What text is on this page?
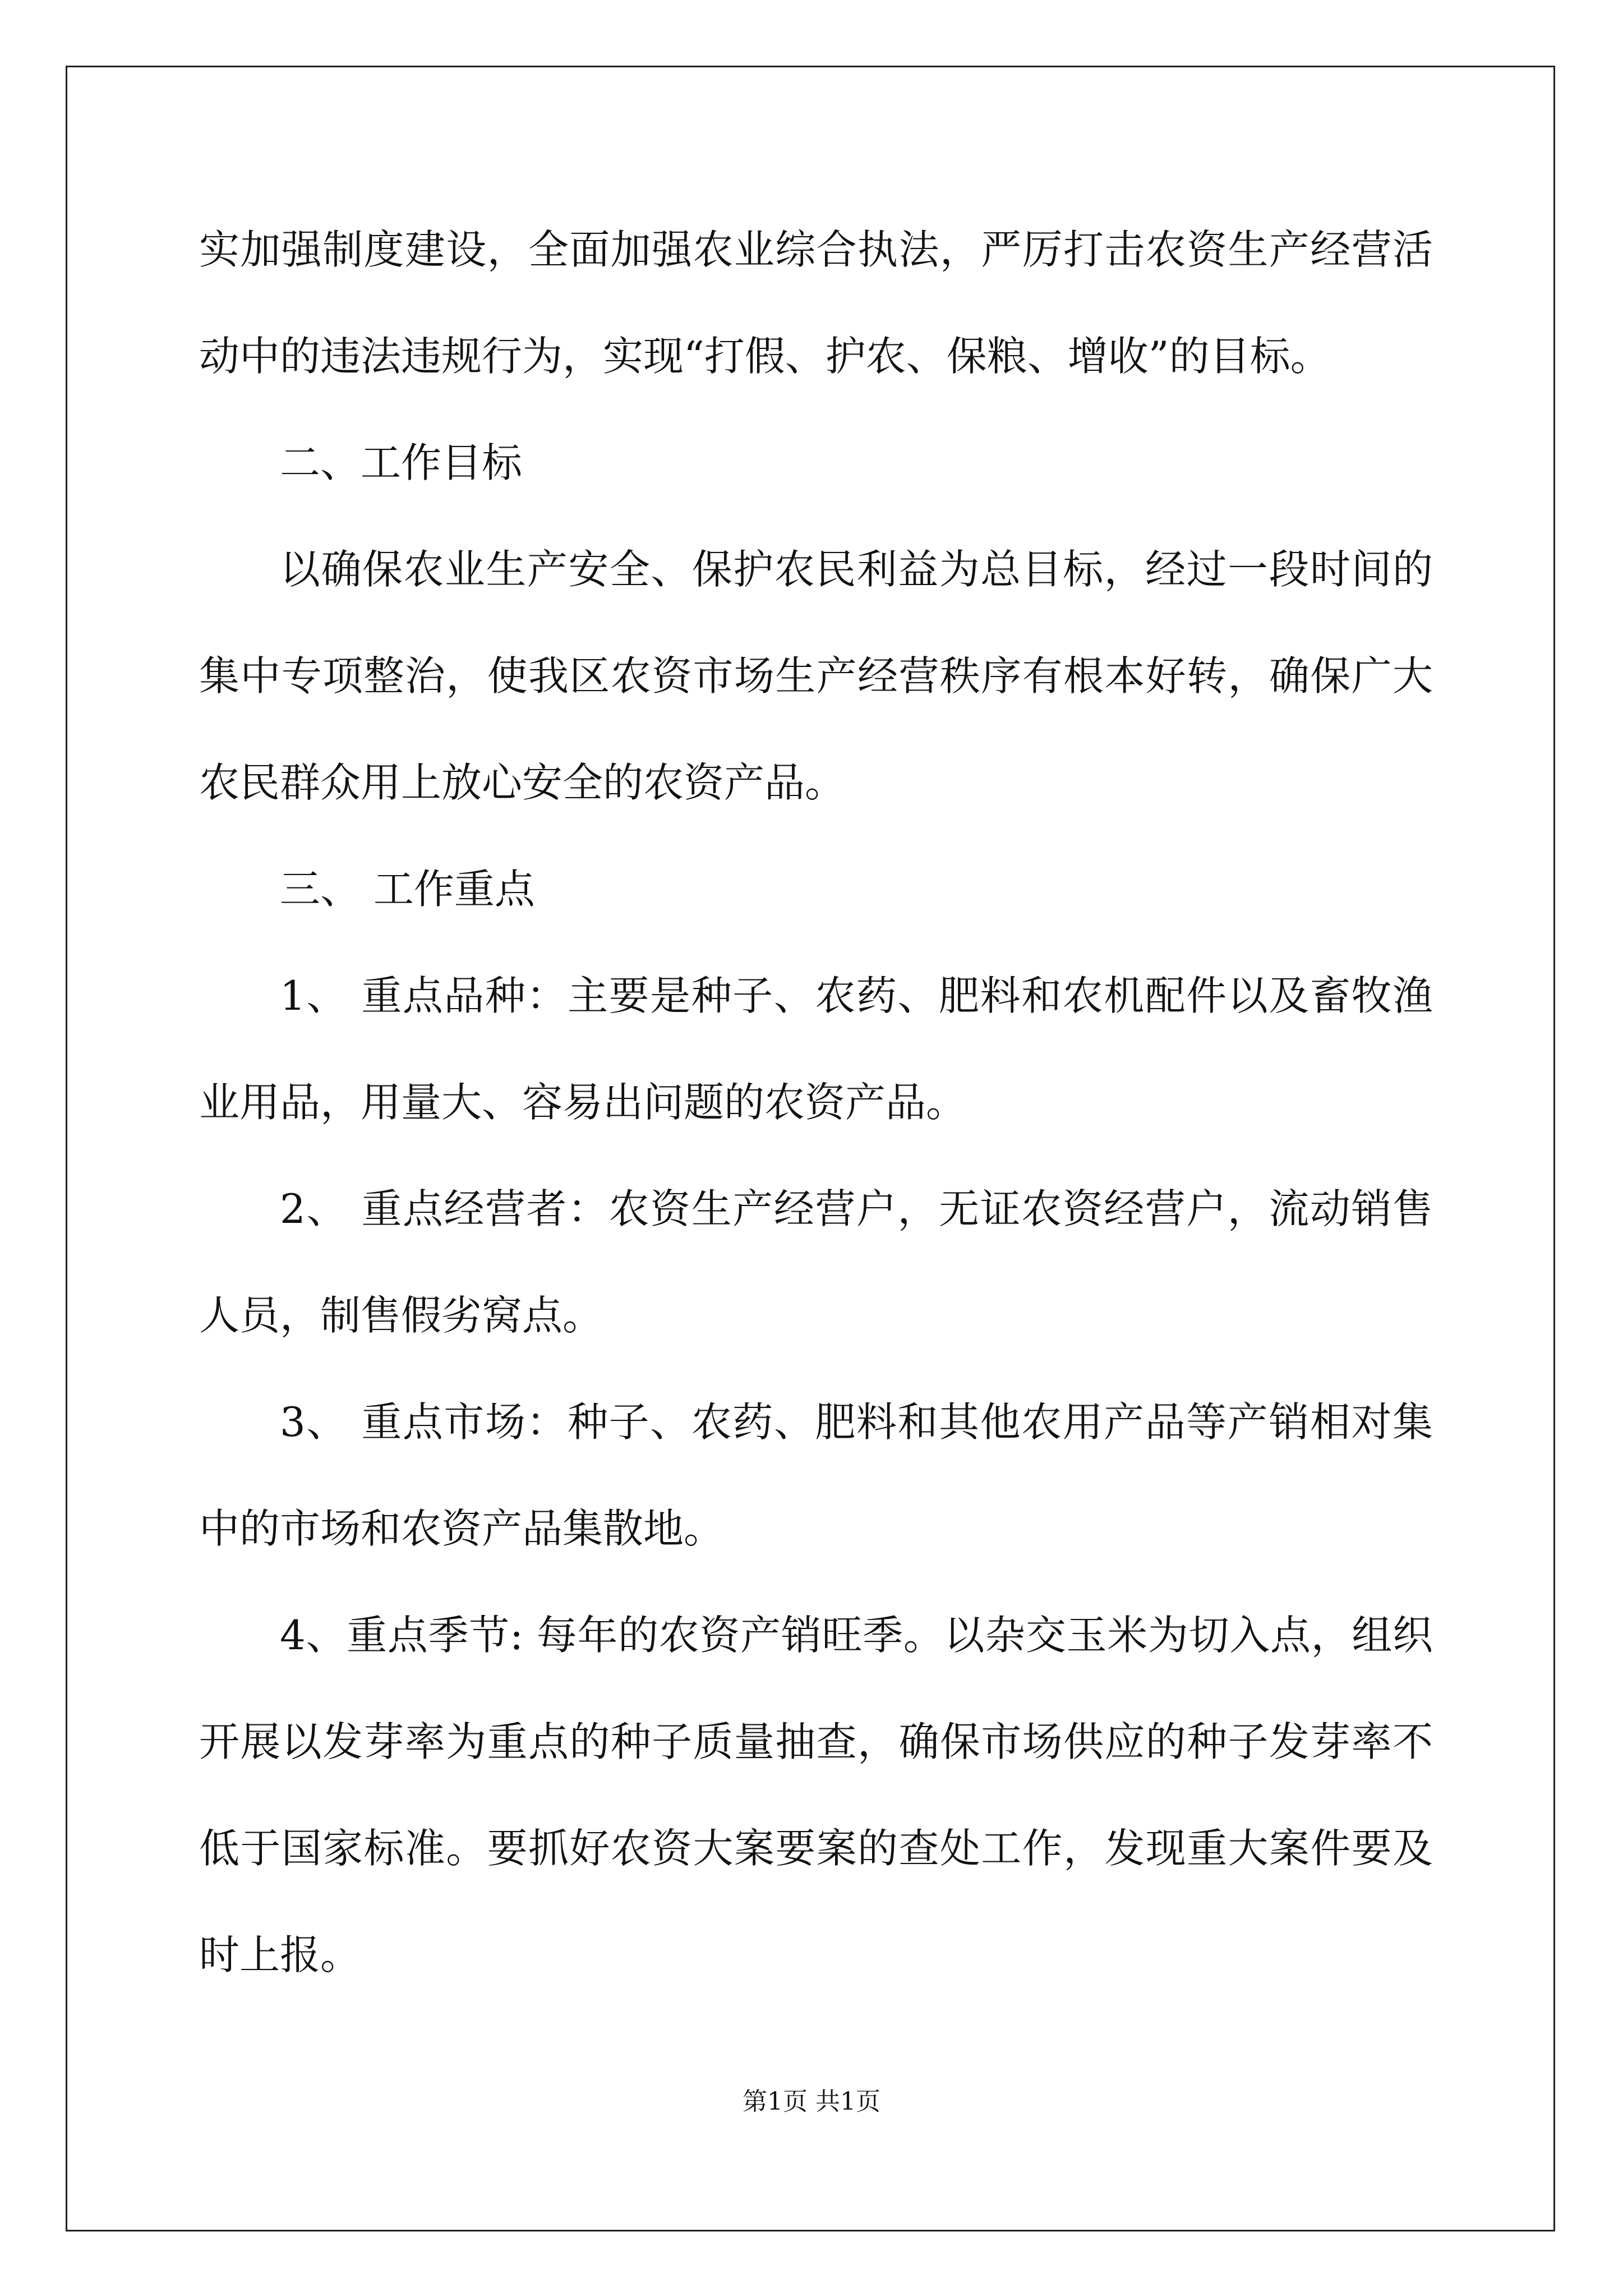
实加强制度建设，全面加强农业综合执法，严厉打击农资生产经营活
动中的违法违规行为，实现“打假、护农、保粮、增收”的目标。
二、工作目标
以确保农业生产安全、保护农民利益为总目标，经过一段时间的
集中专项整治，使我区农资市场生产经营秩序有根本好转，确保广大
农民群众用上放心安全的农资产品。
三、 工作重点
1、 重点品种：主要是种子、农药、肥料和农机配件以及畜牧渔
业用品，用量大、容易出问题的农资产品。
2、 重点经营者：农资生产经营户，无证农资经营户，流动销售
人员，制售假劣窝点。
3、 重点市场：种子、农药、肥料和其他农用产品等产销相对集
中的市场和农资产品集散地。
4、重点季节: 每年的农资产销旺季。以杂交玉米为切入点，组织
开展以发芽率为重点的种子质量抽查，确保市场供应的种子发芽率不
低于国家标准。要抓好农资大案要案的查处工作，发现重大案件要及
时上报。
第1页 共1页
